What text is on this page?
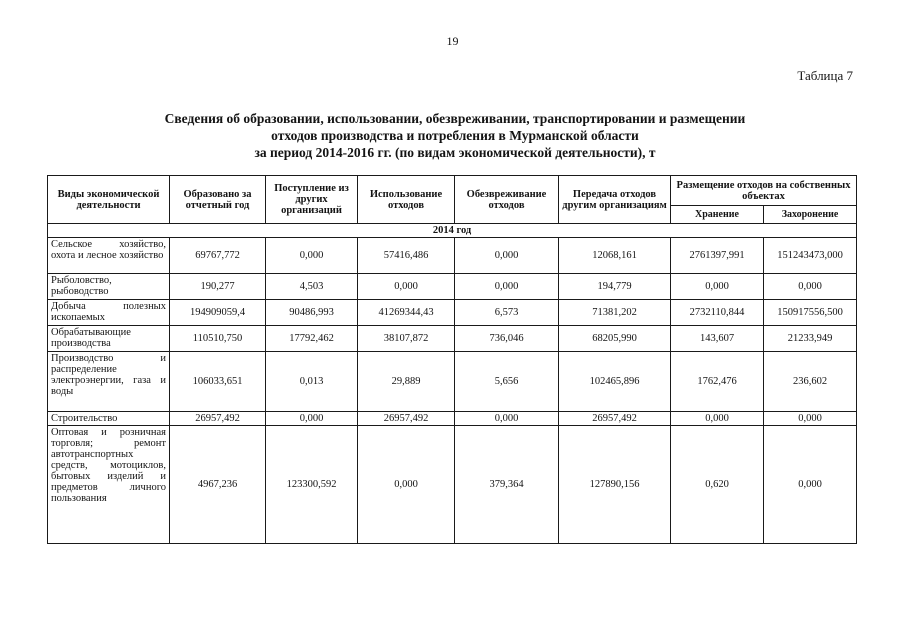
19
Таблица 7
Сведения об образовании, использовании, обезвреживании, транспортировании и размещении
отходов производства и потребления в Мурманской области
за период 2014-2016 гг. (по видам экономической деятельности), т
Виды экономической деятельности	Образовано за отчетный год	Поступление из других организаций	Использование отходов	Обезвреживание отходов	Передача отходов другим организациям	Размещение отходов на собственных объектах	
						Хранение	Захоронение
2014 год							
Сельское хозяйство, охота и лесное хозяйство	69767,772	0,000	57416,486	0,000	12068,161	2761397,991	151243473,000
Рыболовство, рыбоводство	190,277	4,503	0,000	0,000	194,779	0,000	0,000
Добыча полезных ископаемых	194909059,4	90486,993	41269344,43	6,573	71381,202	2732110,844	150917556,500
Обрабатывающие производства	110510,750	17792,462	38107,872	736,046	68205,990	143,607	21233,949
Производство и распределение электроэнергии, газа и воды	106033,651	0,013	29,889	5,656	102465,896	1762,476	236,602
Строительство	26957,492	0,000	26957,492	0,000	26957,492	0,000	0,000
Оптовая и розничная торговля; ремонт автотранспортных средств, мотоциклов, бытовых изделий и предметов личного пользования	4967,236	123300,592	0,000	379,364	127890,156	0,620	0,000
